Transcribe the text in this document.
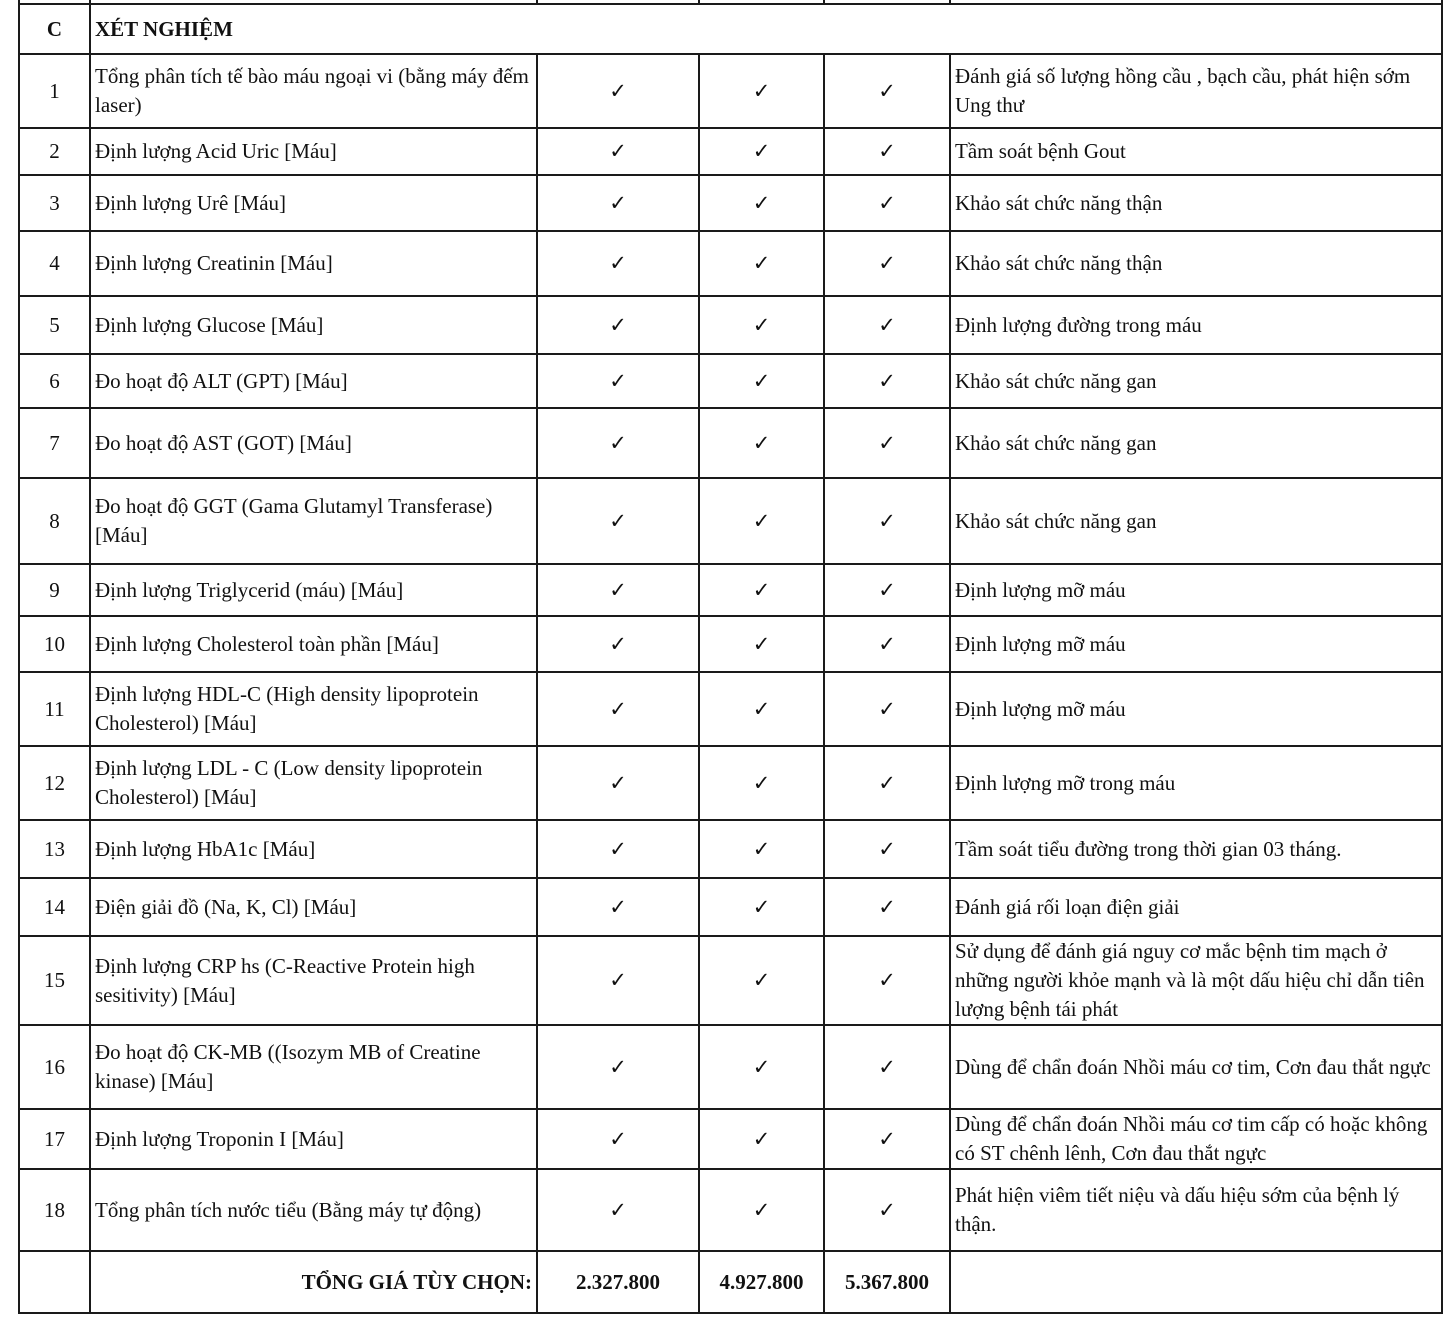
C	XÉT NGHIỆM				
1	Tổng phân tích tế bào máu ngoại vi (bằng máy đếm laser)	✓	✓	✓	Đánh giá số lượng hồng cầu , bạch cầu, phát hiện sớm Ung thư
2	Định lượng Acid Uric [Máu]	✓	✓	✓	Tầm soát bệnh Gout
3	Định lượng Urê [Máu]	✓	✓	✓	Khảo sát chức năng thận
4	Định lượng Creatinin [Máu]	✓	✓	✓	Khảo sát chức năng thận
5	Định lượng Glucose [Máu]	✓	✓	✓	Định lượng đường trong máu
6	Đo hoạt độ ALT (GPT) [Máu]	✓	✓	✓	Khảo sát chức năng gan
7	Đo hoạt độ AST (GOT) [Máu]	✓	✓	✓	Khảo sát chức năng gan
8	Đo hoạt độ GGT (Gama Glutamyl Transferase) [Máu]	✓	✓	✓	Khảo sát chức năng gan
9	Định lượng Triglycerid (máu) [Máu]	✓	✓	✓	Định lượng mỡ máu
10	Định lượng Cholesterol toàn phần [Máu]	✓	✓	✓	Định lượng mỡ máu
11	Định lượng HDL-C (High density lipoprotein Cholesterol) [Máu]	✓	✓	✓	Định lượng mỡ máu
12	Định lượng LDL - C (Low density lipoprotein Cholesterol) [Máu]	✓	✓	✓	Định lượng mỡ trong máu
13	Định lượng HbA1c [Máu]	✓	✓	✓	Tầm soát tiểu đường trong thời gian 03 tháng.
14	Điện giải đồ (Na, K, Cl) [Máu]	✓	✓	✓	Đánh giá rối loạn điện giải
15	Định lượng CRP hs (C-Reactive Protein high sesitivity) [Máu]	✓	✓	✓	Sử dụng để đánh giá nguy cơ mắc bệnh tim mạch ở những người khỏe mạnh và là một dấu hiệu chỉ dẫn tiên lượng bệnh tái phát
16	Đo hoạt độ CK-MB ((Isozym MB of Creatine kinase) [Máu]	✓	✓	✓	Dùng để chẩn đoán Nhồi máu cơ tim, Cơn đau thắt ngực
17	Định lượng Troponin I [Máu]	✓	✓	✓	Dùng để chẩn đoán Nhồi máu cơ tim cấp có hoặc không có ST chênh lênh, Cơn đau thắt ngực
18	Tổng phân tích nước tiểu (Bằng máy tự động)	✓	✓	✓	Phát hiện viêm tiết niệu và dấu hiệu sớm của bệnh lý thận.
	TỔNG GIÁ TÙY CHỌN:	2.327.800	4.927.800	5.367.800	
